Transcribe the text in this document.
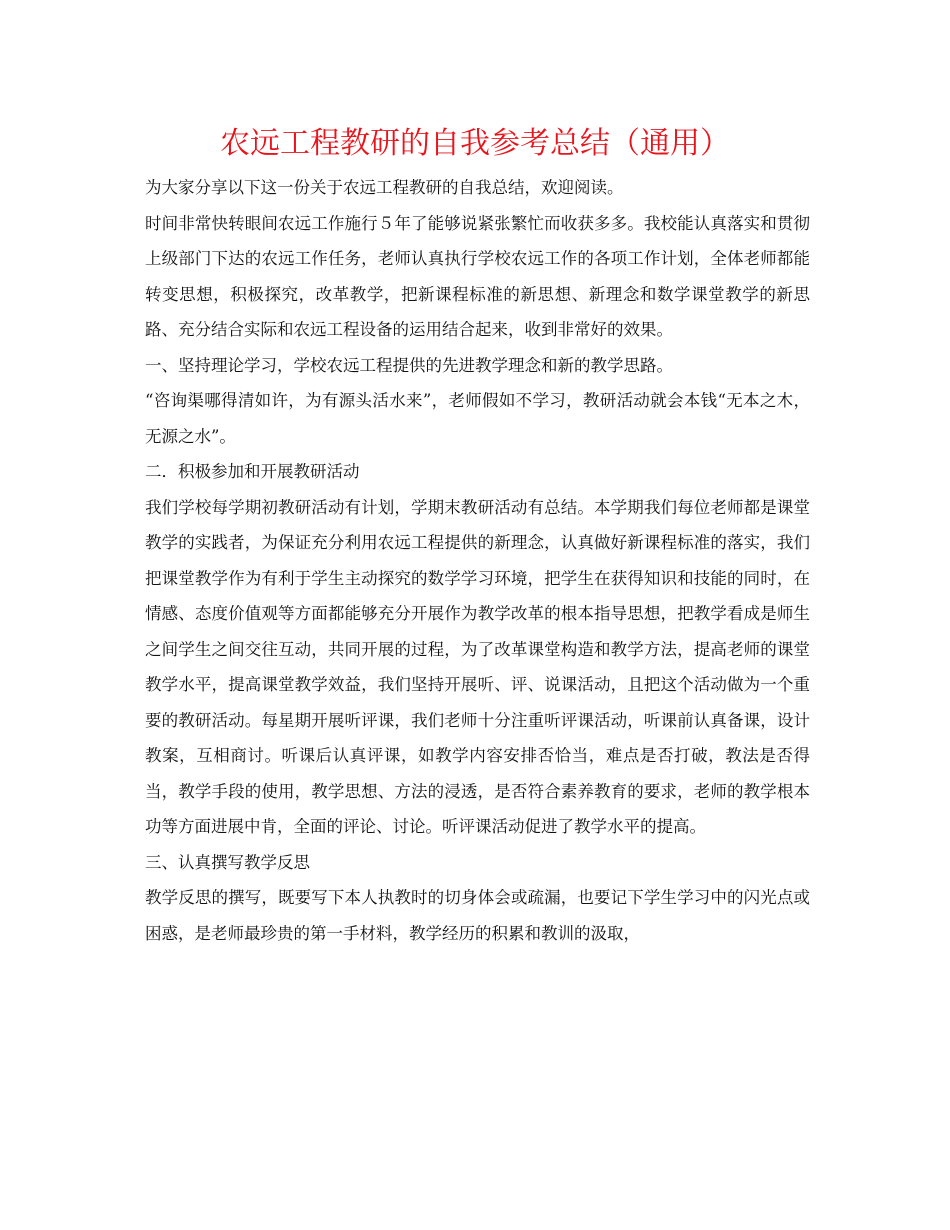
农远工程教研的自我参考总结（通用）

为大家分享以下这一份关于农远工程教研的自我总结，欢迎阅读。

时间非常快转眼间农远工作施行５年了能够说紧张繁忙而收获多多。我校能认真落实和贯彻上级部门下达的农远工作任务，老师认真执行学校农远工作的各项工作计划，全体老师都能转变思想，积极探究，改革教学，把新课程标准的新思想、新理念和数学课堂教学的新思路、充分结合实际和农远工程设备的运用结合起来，收到非常好的效果。

一、坚持理论学习，学校农远工程提供的先进教学理念和新的教学思路。

“咨询渠哪得清如许，为有源头活水来”，老师假如不学习，教研活动就会本钱“无本之木，无源之水”。

二．积极参加和开展教研活动

我们学校每学期初教研活动有计划，学期末教研活动有总结。本学期我们每位老师都是课堂教学的实践者，为保证充分利用农远工程提供的新理念，认真做好新课程标准的落实，我们把课堂教学作为有利于学生主动探究的数学学习环境，把学生在获得知识和技能的同时，在情感、态度价值观等方面都能够充分开展作为教学改革的根本指导思想，把教学看成是师生之间学生之间交往互动，共同开展的过程，为了改革课堂构造和教学方法，提高老师的课堂教学水平，提高课堂教学效益，我们坚持开展听、评、说课活动，且把这个活动做为一个重要的教研活动。每星期开展听评课，我们老师十分注重听评课活动，听课前认真备课，设计教案，互相商讨。听课后认真评课，如教学内容安排否恰当，难点是否打破，教法是否得当，教学手段的使用，教学思想、方法的浸透，是否符合素养教育的要求，老师的教学根本功等方面进展中肯，全面的评论、讨论。听评课活动促进了教学水平的提高。

三、认真撰写教学反思

教学反思的撰写，既要写下本人执教时的切身体会或疏漏，也要记下学生学习中的闪光点或困惑，是老师最珍贵的第一手材料，教学经历的积累和教训的汲取，
